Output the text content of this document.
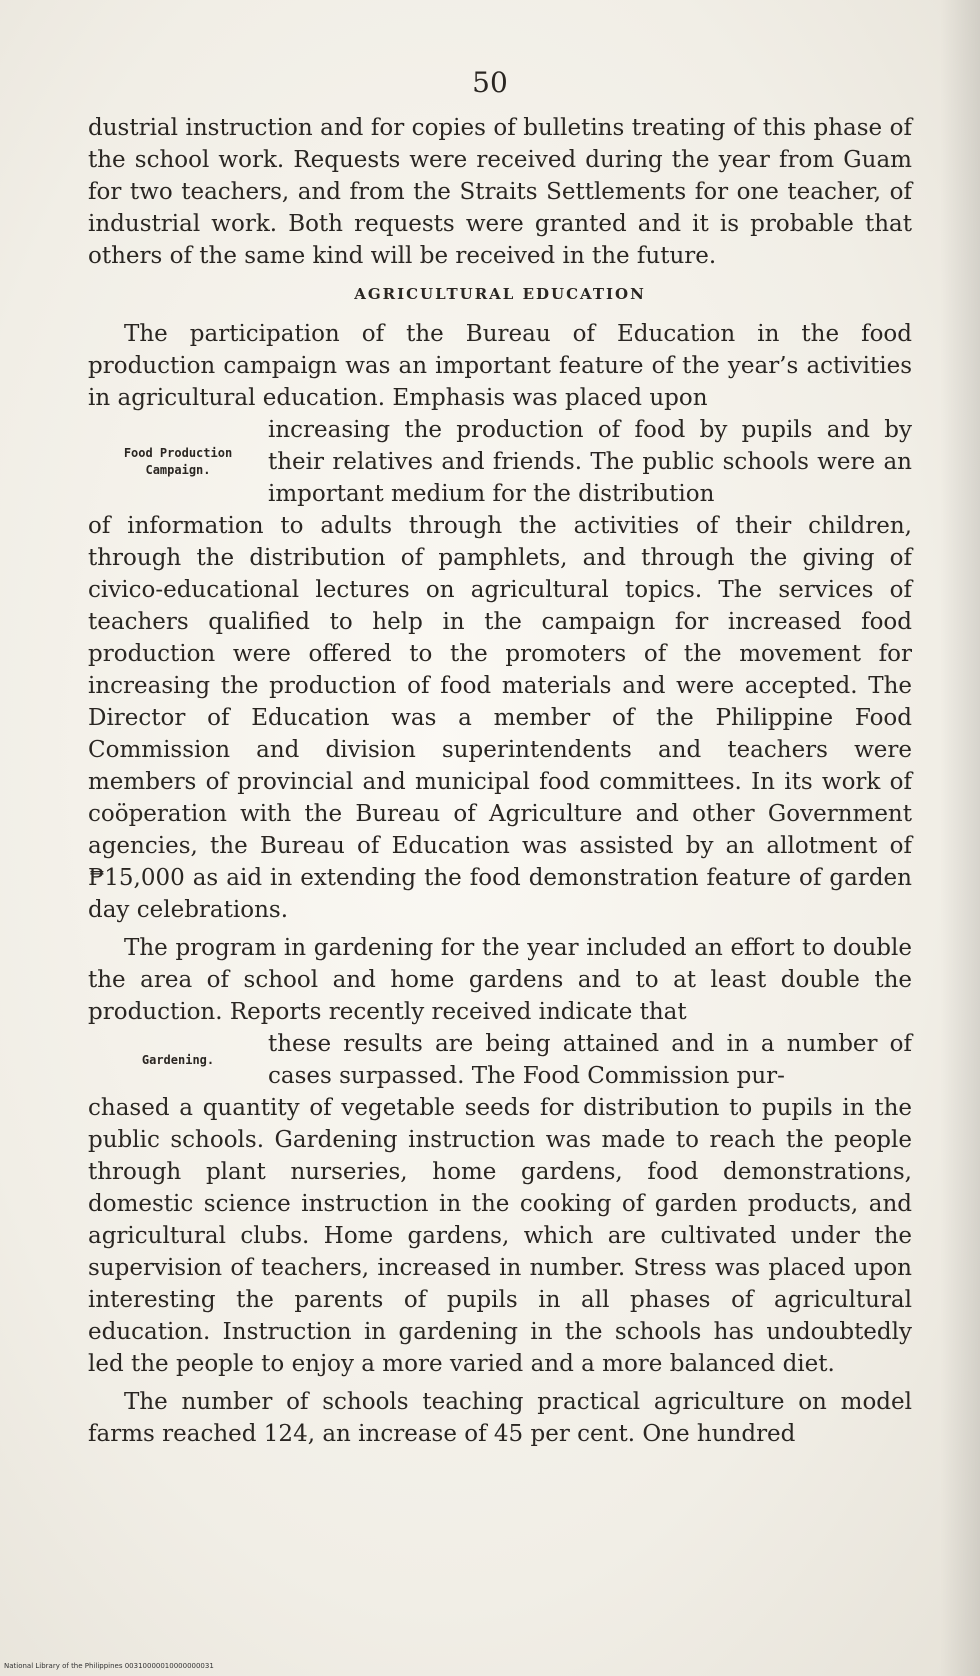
50

dustrial instruction and for copies of bulletins treating of this phase of the school work. Requests were received during the year from Guam for two teachers, and from the Straits Settlements for one teacher, of industrial work. Both requests were granted and it is probable that others of the same kind will be received in the future.

AGRICULTURAL EDUCATION

The participation of the Bureau of Education in the food production campaign was an important feature of the year’s activities in agricultural education. Emphasis was placed upon

Food Production Campaign.
increasing the production of food by pupils and by their relatives and friends. The public schools were an important medium for the distribution

of information to adults through the activities of their children, through the distribution of pamphlets, and through the giving of civico-educational lectures on agricultural topics. The services of teachers qualified to help in the campaign for increased food production were offered to the promoters of the movement for increasing the production of food materials and were accepted. The Director of Education was a member of the Philippine Food Commission and division superintendents and teachers were members of provincial and municipal food committees. In its work of coöperation with the Bureau of Agriculture and other Government agencies, the Bureau of Education was assisted by an allotment of ₱15,000 as aid in extending the food demonstration feature of garden day celebrations.

The program in gardening for the year included an effort to double the area of school and home gardens and to at least double the production. Reports recently received indicate that

Gardening.
these results are being attained and in a number of cases surpassed. The Food Commission pur-

chased a quantity of vegetable seeds for distribution to pupils in the public schools. Gardening instruction was made to reach the people through plant nurseries, home gardens, food demonstrations, domestic science instruction in the cooking of garden products, and agricultural clubs. Home gardens, which are cultivated under the supervision of teachers, increased in number. Stress was placed upon interesting the parents of pupils in all phases of agricultural education. Instruction in gardening in the schools has undoubtedly led the people to enjoy a more varied and a more balanced diet.

The number of schools teaching practical agriculture on model farms reached 124, an increase of 45 per cent. One hundred

National Library of the Philippines 00310000010000000031
